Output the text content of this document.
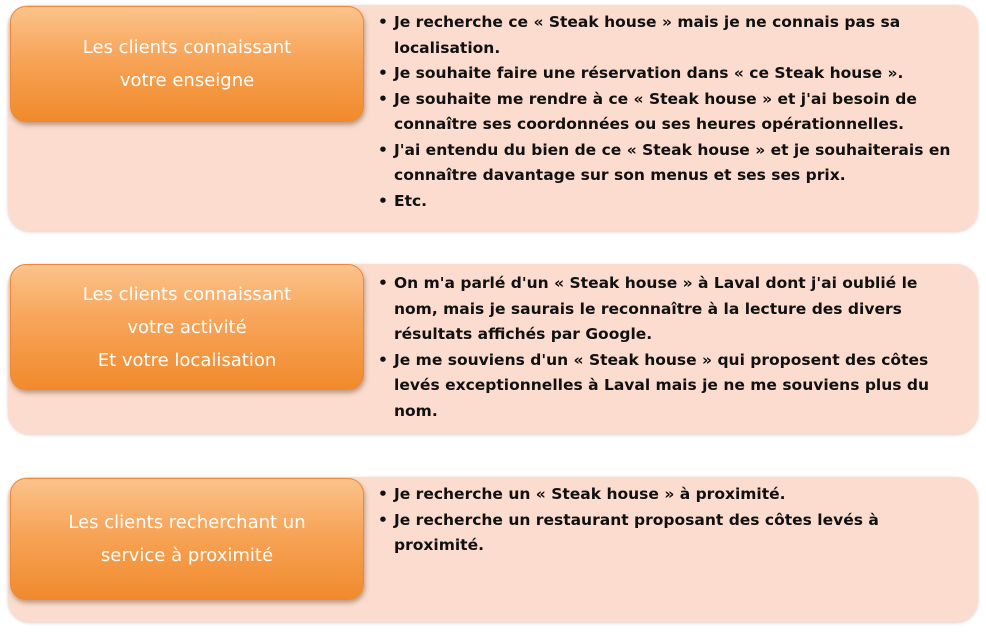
Les clients connaissant
votre enseigne
• Je recherche ce « Steak house » mais je ne connais pas sa localisation.
• Je souhaite faire une réservation dans « ce Steak house ».
• Je souhaite me rendre à ce « Steak house » et j'ai besoin de connaître ses coordonnées ou ses heures opérationnelles.
• J'ai entendu du bien de ce « Steak house » et je souhaiterais en connaître davantage sur son menus et ses ses prix.
• Etc.
Les clients connaissant
votre activité
Et votre localisation
• On m'a parlé d'un « Steak house » à Laval dont j'ai oublié le nom, mais je saurais le reconnaître à la lecture des divers résultats affichés par Google.
• Je me souviens d'un « Steak house » qui proposent des côtes levés exceptionnelles à Laval mais je ne me souviens plus du nom.
Les clients recherchant un
service à proximité
• Je recherche un « Steak house » à proximité.
• Je recherche un restaurant proposant des côtes levés à proximité.
